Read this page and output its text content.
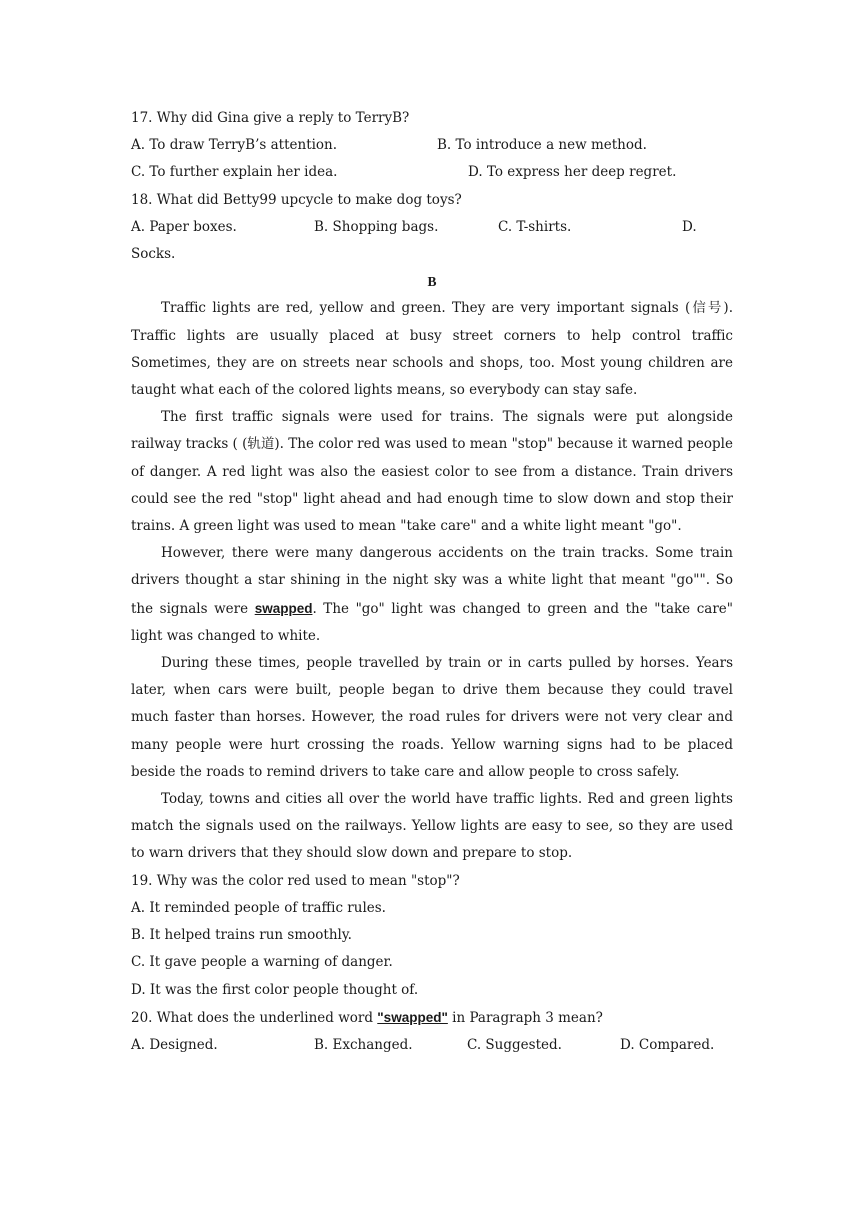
17. Why did Gina give a reply to TerryB?
A. To draw TerryB’s attention.	B. To introduce a new method.
C. To further explain her idea.	D. To express her deep regret.
18. What did Betty99 upcycle to make dog toys?
A. Paper boxes.	B. Shopping bags.	C. T-shirts.	D.
Socks.
B

Traffic lights are red, yellow and green. They are very important signals (信号). Traffic lights are usually placed at busy street corners to help control traffic Sometimes, they are on streets near schools and shops, too. Most young children are taught what each of the colored lights means, so everybody can stay safe.

The first traffic signals were used for trains. The signals were put alongside railway tracks ( (轨道). The color red was used to mean "stop" because it warned people of danger. A red light was also the easiest color to see from a distance. Train drivers could see the red "stop" light ahead and had enough time to slow down and stop their trains. A green light was used to mean "take care" and a white light meant "go".

However, there were many dangerous accidents on the train tracks. Some train drivers thought a star shining in the night sky was a white light that meant "go"". So the signals were swapped. The "go" light was changed to green and the "take care" light was changed to white.

During these times, people travelled by train or in carts pulled by horses. Years later, when cars were built, people began to drive them because they could travel much faster than horses. However, the road rules for drivers were not very clear and many people were hurt crossing the roads. Yellow warning signs had to be placed beside the roads to remind drivers to take care and allow people to cross safely.

Today, towns and cities all over the world have traffic lights. Red and green lights match the signals used on the railways. Yellow lights are easy to see, so they are used to warn drivers that they should slow down and prepare to stop.

19. Why was the color red used to mean "stop"?
A. It reminded people of traffic rules.
B. It helped trains run smoothly.
C. It gave people a warning of danger.
D. It was the first color people thought of.
20. What does the underlined word "swapped" in Paragraph 3 mean?
A. Designed.	B. Exchanged.	C. Suggested.	D. Compared.
